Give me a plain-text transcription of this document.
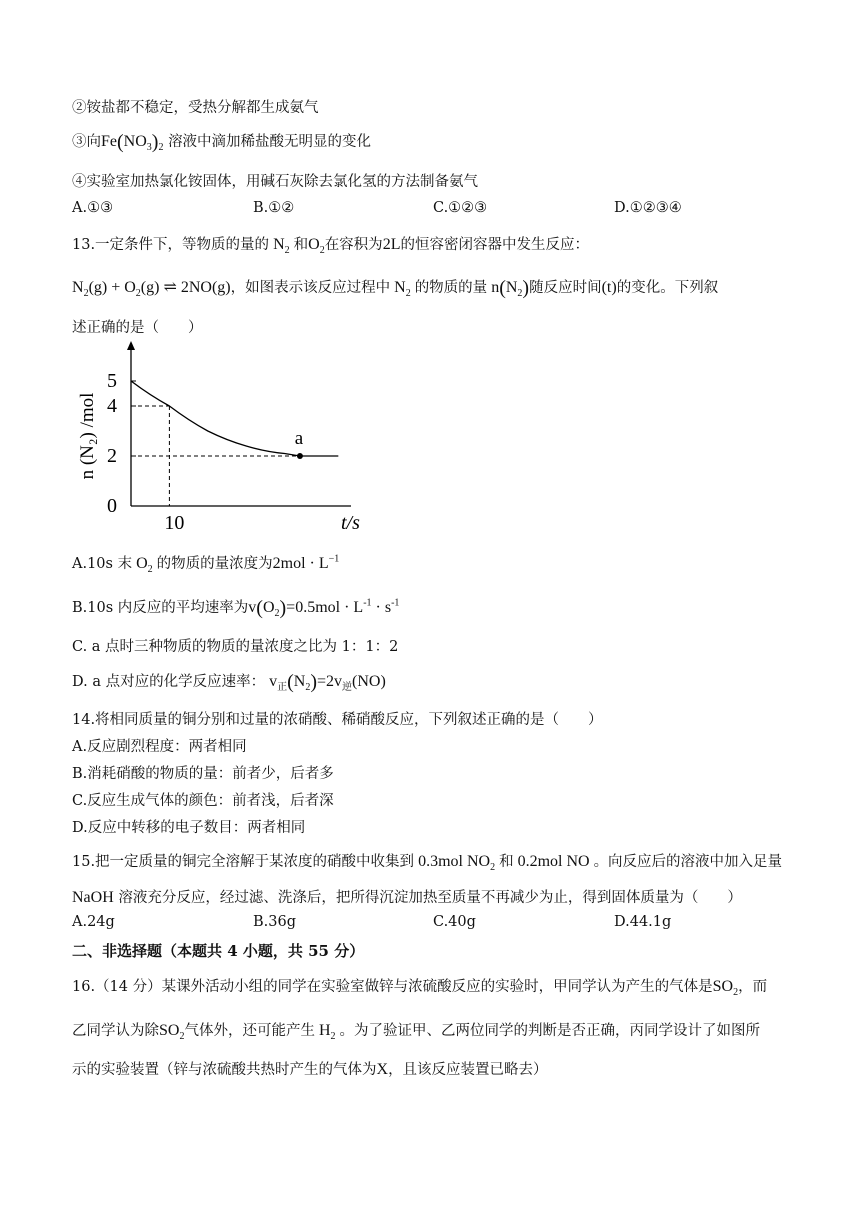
②铵盐都不稳定，受热分解都生成氨气
③向$Fe(NO_3)_2$ 溶液中滴加稀盐酸无明显的变化
④实验室加热氯化铵固体，用碱石灰除去氯化氢的方法制备氨气
A.①③	B.①②	C.①②③	D.①②③④
13.一定条件下，等物质的量的 $N_2$ 和$O_2$在容积为2L的恒容密闭容器中发生反应：
$N_2(g) + O_2(g)$ ⇌ 2NO(g)，如图表示该反应过程中 $N_2$ 的物质的量 $n(N_2)$随反应时间(t)的变化。下列叙
述正确的是（　　）
5
4
2
0
10	t/s
n (N₂) /mol	a
A.10s 末 $O_2$ 的物质的量浓度为$2mol \cdot L^{-1}$
B.10s 内反应的平均速率为$v(O_2)=0.5mol \cdot L^{-1} \cdot s^{-1}$
C. a 点时三种物质的物质的量浓度之比为 1：1：2
D. a 点对应的化学反应速率： $v_正(N_2)=2v_逆(NO)$
14.将相同质量的铜分别和过量的浓硝酸、稀硝酸反应，下列叙述正确的是（　　）
A.反应剧烈程度：两者相同
B.消耗硝酸的物质的量：前者少，后者多
C.反应生成气体的颜色：前者浅，后者深
D.反应中转移的电子数目：两者相同
15.把一定质量的铜完全溶解于某浓度的硝酸中收集到 0.3mol $NO_2$ 和 0.2mol NO 。向反应后的溶液中加入足量
NaOH 溶液充分反应，经过滤、洗涤后，把所得沉淀加热至质量不再减少为止，得到固体质量为（　　）
A.24g	B.36g	C.40g	D.44.1g
二、非选择题（本题共 4 小题，共 55 分）
16.（14 分）某课外活动小组的同学在实验室做锌与浓硫酸反应的实验时，甲同学认为产生的气体是$SO_2$，而
乙同学认为除$SO_2$气体外，还可能产生 $H_2$ 。为了验证甲、乙两位同学的判断是否正确，丙同学设计了如图所
示的实验装置（锌与浓硫酸共热时产生的气体为X，且该反应装置已略去）
